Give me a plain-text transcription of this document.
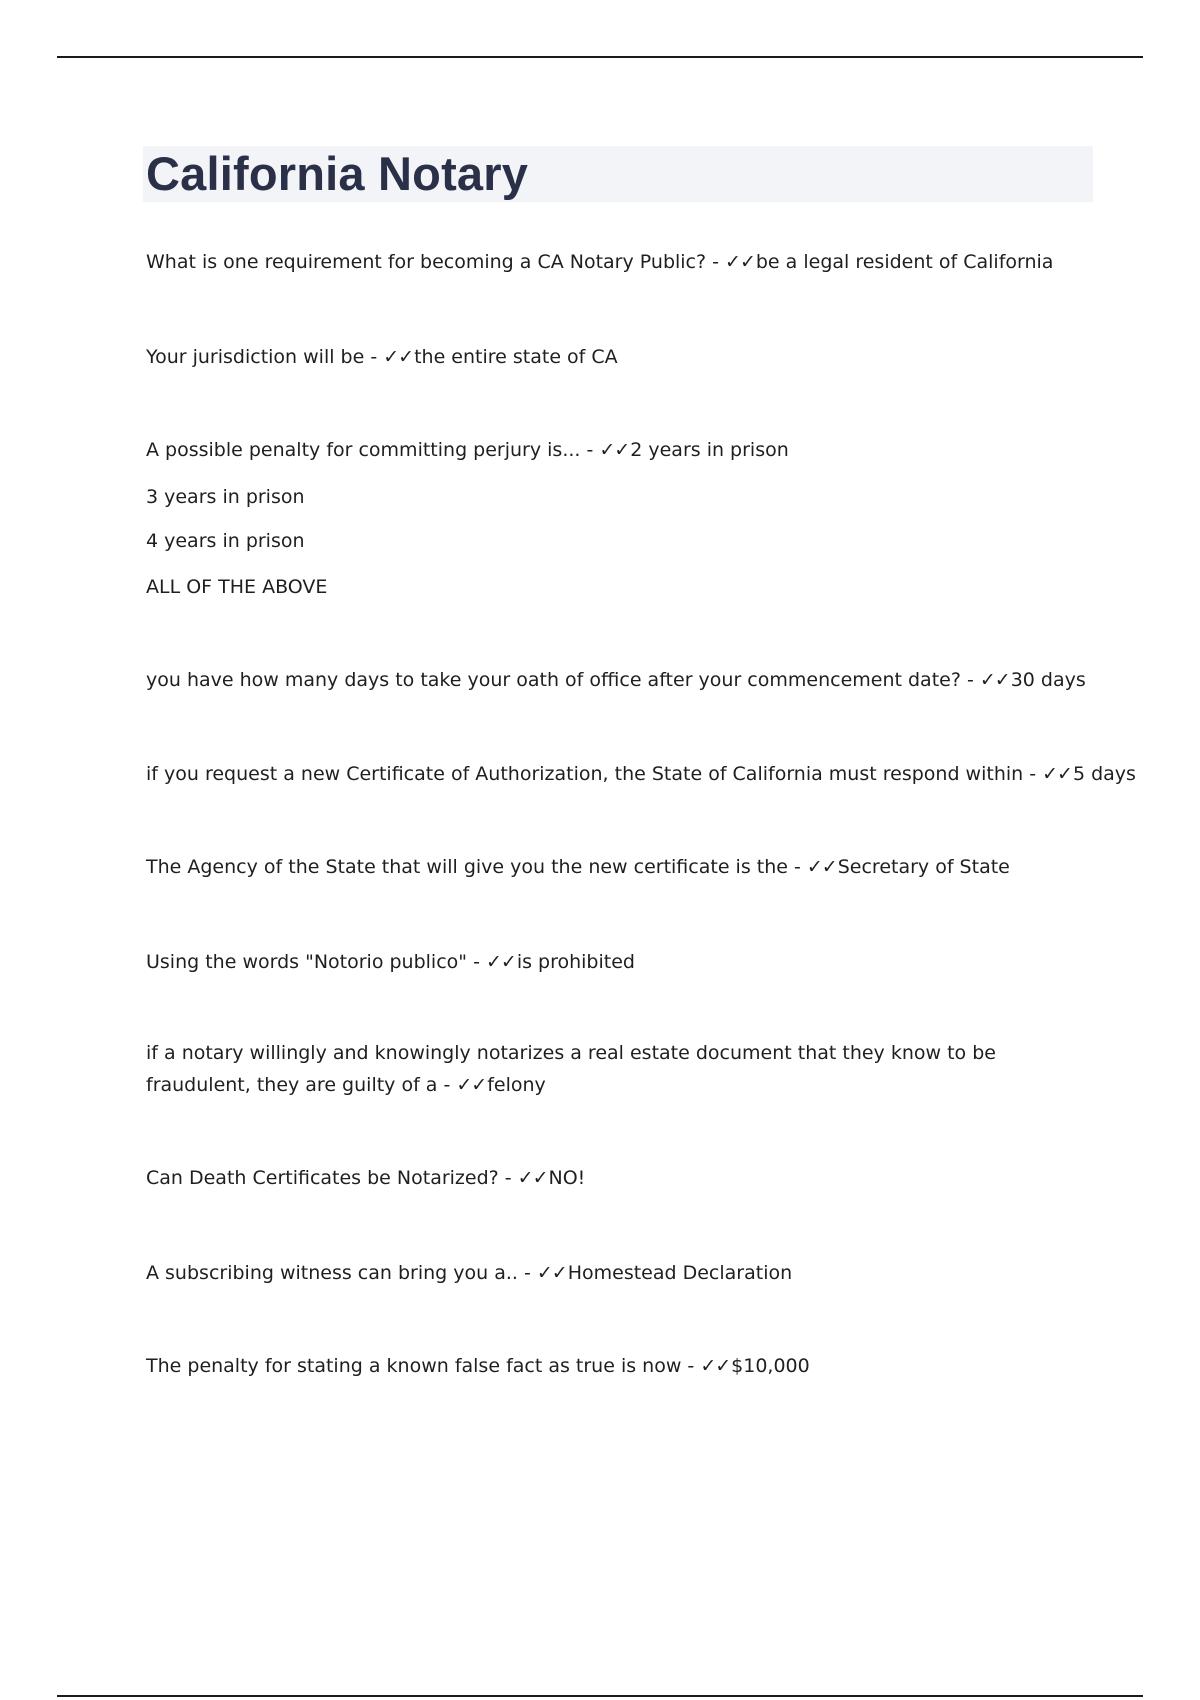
California Notary

What is one requirement for becoming a CA Notary Public? - ✓✓be a legal resident of California

Your jurisdiction will be - ✓✓the entire state of CA

A possible penalty for committing perjury is... - ✓✓2 years in prison

3 years in prison

4 years in prison

ALL OF THE ABOVE

you have how many days to take your oath of office after your commencement date? - ✓✓30 days

if you request a new Certificate of Authorization, the State of California must respond within - ✓✓5 days

The Agency of the State that will give you the new certificate is the - ✓✓Secretary of State

Using the words "Notorio publico" - ✓✓is prohibited

if a notary willingly and knowingly notarizes a real estate document that they know to be fraudulent, they are guilty of a - ✓✓felony

Can Death Certificates be Notarized? - ✓✓NO!

A subscribing witness can bring you a.. - ✓✓Homestead Declaration

The penalty for stating a known false fact as true is now - ✓✓$10,000
